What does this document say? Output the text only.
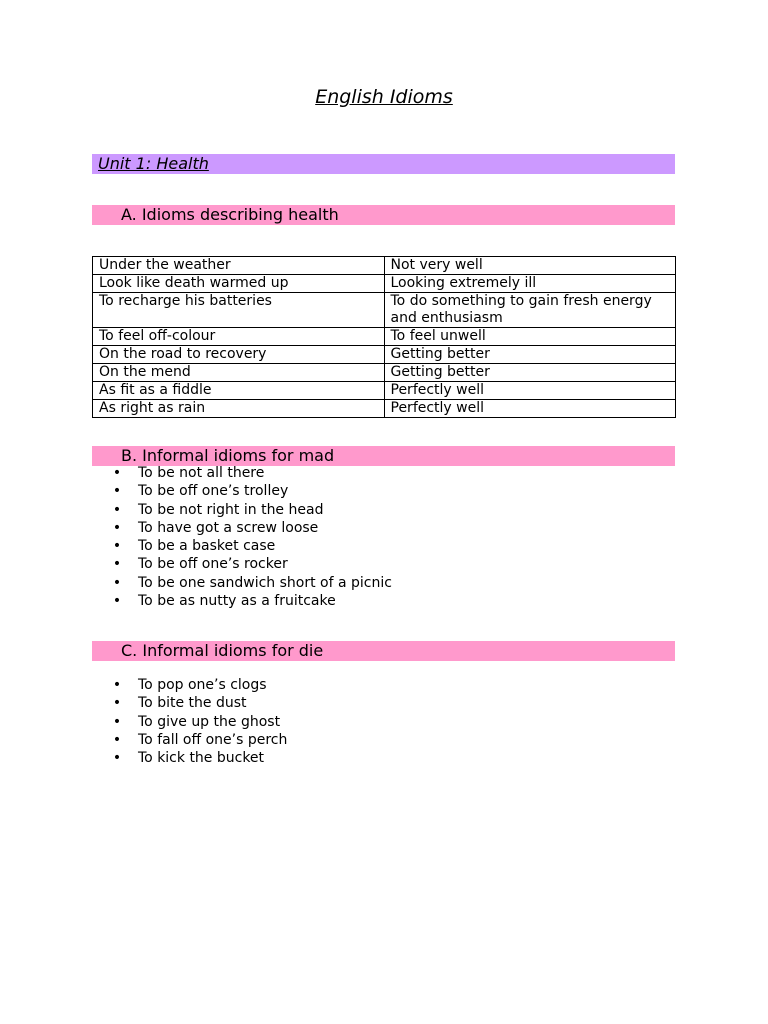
English Idioms
Unit 1: Health
A. Idioms describing health
Under the weather	Not very well
Look like death warmed up	Looking extremely ill
To recharge his batteries	To do something to gain fresh energy and enthusiasm
To feel off-colour	To feel unwell
On the road to recovery	Getting better
On the mend	Getting better
As fit as a fiddle	Perfectly well
As right as rain	Perfectly well
B. Informal idioms for mad
• To be not all there
• To be off one’s trolley
• To be not right in the head
• To have got a screw loose
• To be a basket case
• To be off one’s rocker
• To be one sandwich short of a picnic
• To be as nutty as a fruitcake
C. Informal idioms for die
• To pop one’s clogs
• To bite the dust
• To give up the ghost
• To fall off one’s perch
• To kick the bucket
